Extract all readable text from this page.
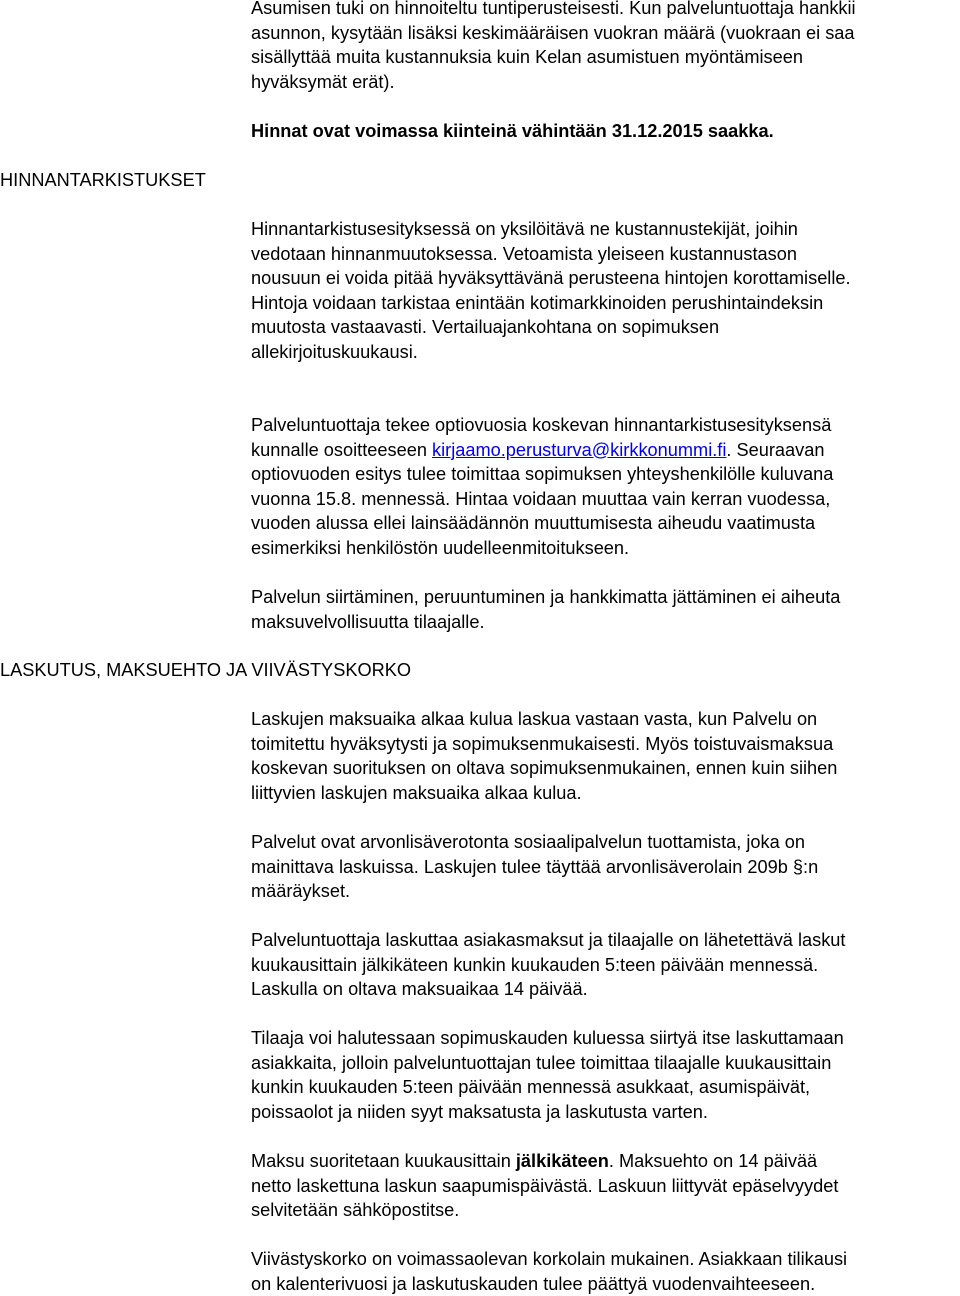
Asumisen tuki on hinnoiteltu tuntiperusteisesti. Kun palveluntuottaja hankkii
asunnon, kysytään lisäksi keskimääräisen vuokran määrä (vuokraan ei saa
sisällyttää muita kustannuksia kuin Kelan asumistuen myöntämiseen
hyväksymät erät).

Hinnat ovat voimassa kiinteinä vähintään 31.12.2015 saakka.

HINNANTARKISTUKSET

Hinnantarkistusesityksessä on yksilöitävä ne kustannustekijät, joihin
vedotaan hinnanmuutoksessa. Vetoamista yleiseen kustannustason
nousuun ei voida pitää hyväksyttävänä perusteena hintojen korottamiselle.
Hintoja voidaan tarkistaa enintään kotimarkkinoiden perushintaindeksin
muutosta vastaavasti. Vertailuajankohtana on sopimuksen
allekirjoituskuukausi.

Palveluntuottaja tekee optiovuosia koskevan hinnantarkistusesityksensä
kunnalle osoitteeseen kirjaamo.perusturva@kirkkonummi.fi. Seuraavan
optiovuoden esitys tulee toimittaa sopimuksen yhteyshenkilölle kuluvana
vuonna 15.8. mennessä. Hintaa voidaan muuttaa vain kerran vuodessa,
vuoden alussa ellei lainsäädännön muuttumisesta aiheudu vaatimusta
esimerkiksi henkilöstön uudelleenmitoitukseen.

Palvelun siirtäminen, peruuntuminen ja hankkimatta jättäminen ei aiheuta
maksuvelvollisuutta tilaajalle.

LASKUTUS, MAKSUEHTO JA VIIVÄSTYSKORKO

Laskujen maksuaika alkaa kulua laskua vastaan vasta, kun Palvelu on
toimitettu hyväksytysti ja sopimuksenmukaisesti. Myös toistuvaismaksua
koskevan suorituksen on oltava sopimuksenmukainen, ennen kuin siihen
liittyvien laskujen maksuaika alkaa kulua.

Palvelut ovat arvonlisäverotonta sosiaalipalvelun tuottamista, joka on
mainittava laskuissa. Laskujen tulee täyttää arvonlisäverolain 209b §:n
määräykset.

Palveluntuottaja laskuttaa asiakasmaksut ja tilaajalle on lähetettävä laskut
kuukausittain jälkikäteen kunkin kuukauden 5:teen päivään mennessä.
Laskulla on oltava maksuaikaa 14 päivää.

Tilaaja voi halutessaan sopimuskauden kuluessa siirtyä itse laskuttamaan
asiakkaita, jolloin palveluntuottajan tulee toimittaa tilaajalle kuukausittain
kunkin kuukauden 5:teen päivään mennessä asukkaat, asumispäivät,
poissaolot ja niiden syyt maksatusta ja laskutusta varten.

Maksu suoritetaan kuukausittain jälkikäteen. Maksuehto on 14 päivää
netto laskettuna laskun saapumispäivästä. Laskuun liittyvät epäselvyydet
selvitetään sähköpostitse.

Viivästyskorko on voimassaolevan korkolain mukainen. Asiakkaan tilikausi
on kalenterivuosi ja laskutuskauden tulee päättyä vuodenvaihteeseen.
